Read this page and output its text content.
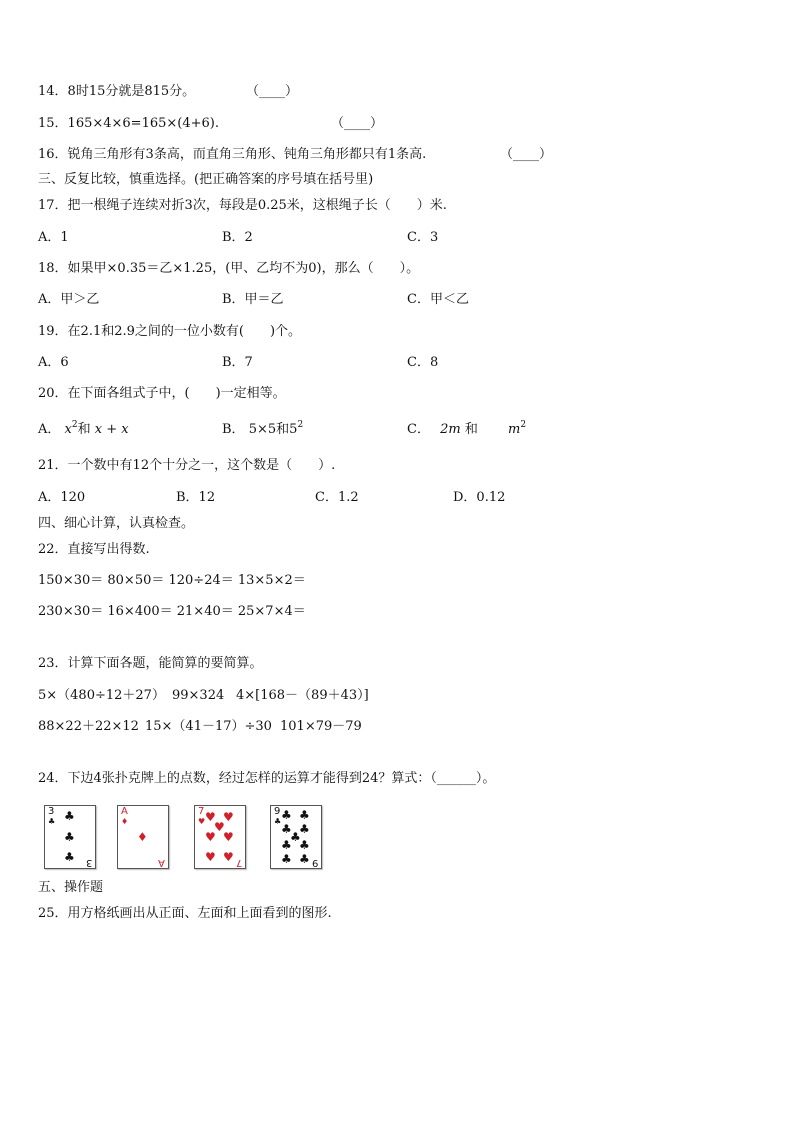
14．8时15分就是815分。	（____）
15．165×4×6=165×(4+6).	（____）
16．锐角三角形有3条高，而直角三角形、钝角三角形都只有1条高.	（____）
三、反复比较，慎重选择。(把正确答案的序号填在括号里)
17．把一根绳子连续对折3次，每段是0.25米，这根绳子长（　　）米.
A．1	B．2	C．3
18．如果甲×0.35＝乙×1.25，(甲、乙均不为0)，那么（　　）。
A．甲＞乙	B．甲＝乙	C．甲＜乙
19．在2.1和2.9之间的一位小数有(　　)个。
A．6	B．7	C．8
20．在下面各组式子中，(　　)一定相等。
A． $x^2$和 x + x	B． 5×5和$5^2$	C． 2m 和 $m^2$
21．一个数中有12个十分之一，这个数是（　　）.
A．120	B．12	C．1.2	D．0.12
四、细心计算，认真检查。
22．直接写出得数.
150×30＝ 80×50＝ 120÷24＝ 13×5×2＝
230×30＝ 16×400＝ 21×40＝ 25×7×4＝
23．计算下面各题，能简算的要简算。
5×（480÷12＋27） 99×324 4×[168－（89＋43）]
88×22＋22×12 15×（41－17）÷30 101×79－79
24．下边4张扑克牌上的点数，经过怎样的运算才能得到24？算式：（______）。
3
♣ ♣
♣
♣ 3
A
♦
♦
A
7
♥ ♥ ♥
♥
♥ ♥
♥ ♥ 7
9
♣ ♣ ♣
♣ ♣
♣
♣ ♣
♣ ♣ 9
五、操作题
25．用方格纸画出从正面、左面和上面看到的图形.
